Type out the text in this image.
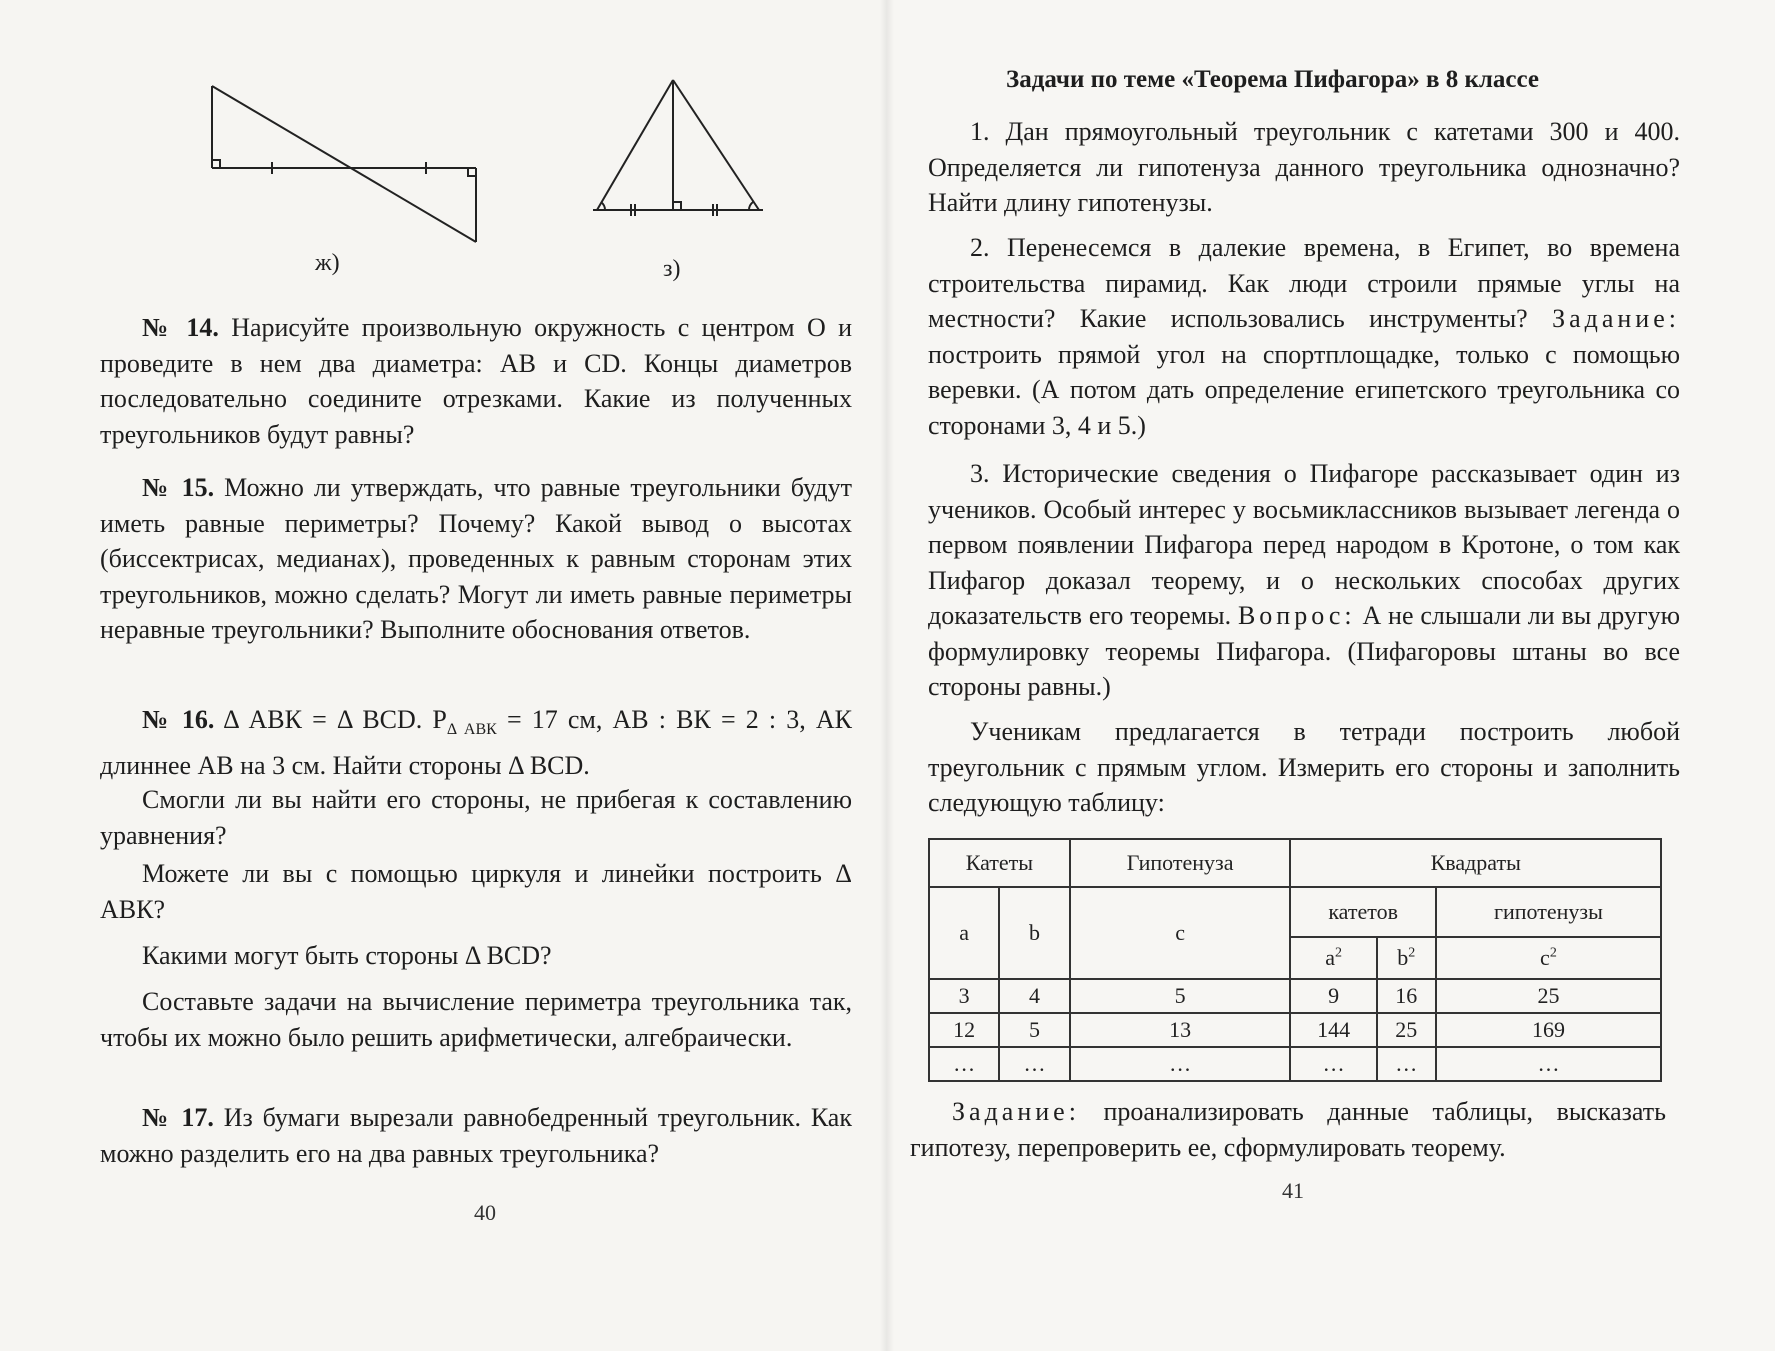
ж)	з)
№ 14. Нарисуйте произвольную окружность с центром О и проведите в нем два диаметра: АВ и CD. Концы диаметров последовательно соедините отрезками. Какие из полученных треугольников будут равны?
№ 15. Можно ли утверждать, что равные треугольники будут иметь равные периметры? Почему? Какой вывод о высотах (биссектрисах, медианах), проведенных к равным сторонам этих треугольников, можно сделать? Могут ли иметь равные периметры неравные треугольники? Выполните обоснования ответов.
№ 16. Δ АВК = Δ ВCD. $Р_{\Delta АВК} = 17$ см, АВ : ВК = 2 : 3, АК длиннее АВ на 3 см. Найти стороны Δ ВCD.
Смогли ли вы найти его стороны, не прибегая к составлению уравнения?
Можете ли вы с помощью циркуля и линейки построить Δ АВК?
Какими могут быть стороны Δ ВCD?
Составьте задачи на вычисление периметра треугольника так, чтобы их можно было решить арифметически, алгебраически.
№ 17. Из бумаги вырезали равнобедренный треугольник. Как можно разделить его на два равных треугольника?
40
Задачи по теме «Теорема Пифагора» в 8 классе
1. Дан прямоугольный треугольник с катетами 300 и 400. Определяется ли гипотенуза данного треугольника однозначно? Найти длину гипотенузы.
2. Перенесемся в далекие времена, в Египет, во времена строительства пирамид. Как люди строили прямые углы на местности? Какие использовались инструменты? Задание: построить прямой угол на спортплощадке, только с помощью веревки. (А потом дать определение египетского треугольника со сторонами 3, 4 и 5.)
3. Исторические сведения о Пифагоре рассказывает один из учеников. Особый интерес у восьмиклассников вызывает легенда о первом появлении Пифагора перед народом в Кротоне, о том как Пифагор доказал теорему, и о нескольких способах других доказательств его теоремы. Вопрос: А не слышали ли вы другую формулировку теоремы Пифагора. (Пифагоровы штаны во все стороны равны.)
Ученикам предлагается в тетради построить любой треугольник с прямым углом. Измерить его стороны и заполнить следующую таблицу:
Катеты		Гипотенуза	Квадраты		
a	b	c	катетов		гипотенузы
			$a^2$	$b^2$	$c^2$
3	4	5	9	16	25
12	5	13	144	25	169
…	…	…	…	…	…
Задание: проанализировать данные таблицы, высказать гипотезу, перепроверить ее, сформулировать теорему.
41
